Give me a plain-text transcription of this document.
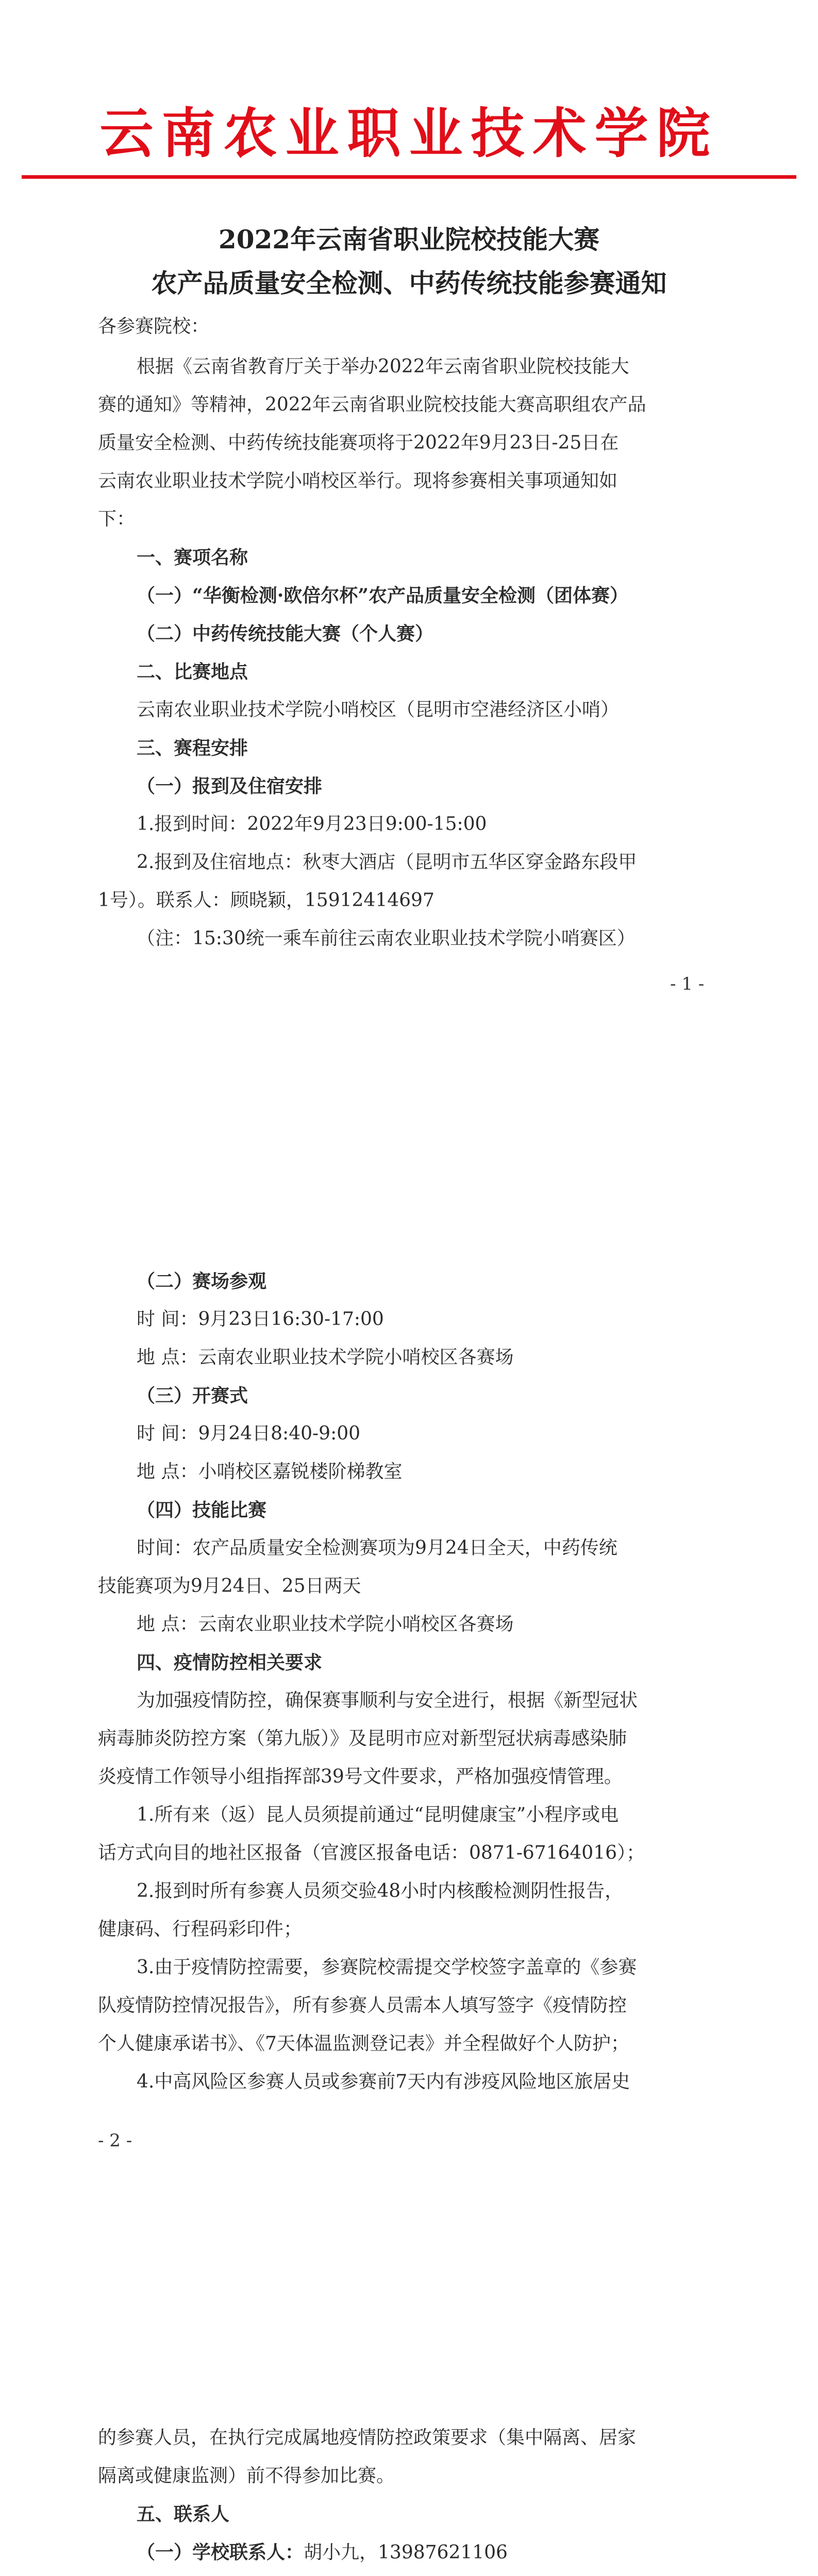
云南农业职业技术学院
2022年云南省职业院校技能大赛
农产品质量安全检测、中药传统技能参赛通知
各参赛院校：
根据《云南省教育厅关于举办2022年云南省职业院校技能大
赛的通知》等精神，2022年云南省职业院校技能大赛高职组农产品
质量安全检测、中药传统技能赛项将于2022年9月23日-25日在
云南农业职业技术学院小哨校区举行。现将参赛相关事项通知如
下：
一、赛项名称
（一）“华衡检测·欧倍尔杯”农产品质量安全检测（团体赛）
（二）中药传统技能大赛（个人赛）
二、比赛地点
云南农业职业技术学院小哨校区（昆明市空港经济区小哨）
三、赛程安排
（一）报到及住宿安排
1.报到时间：2022年9月23日9:00-15:00
2.报到及住宿地点：秋枣大酒店（昆明市五华区穿金路东段甲
1号）。联系人：顾晓颖，15912414697
（注：15:30统一乘车前往云南农业职业技术学院小哨赛区）
- 1 -
（二）赛场参观
时 间：9月23日16:30-17:00
地 点：云南农业职业技术学院小哨校区各赛场
（三）开赛式
时 间：9月24日8:40-9:00
地 点：小哨校区嘉锐楼阶梯教室
（四）技能比赛
时间：农产品质量安全检测赛项为9月24日全天，中药传统
技能赛项为9月24日、25日两天
地 点：云南农业职业技术学院小哨校区各赛场
四、疫情防控相关要求
为加强疫情防控，确保赛事顺利与安全进行，根据《新型冠状
病毒肺炎防控方案（第九版）》及昆明市应对新型冠状病毒感染肺
炎疫情工作领导小组指挥部39号文件要求，严格加强疫情管理。
1.所有来（返）昆人员须提前通过“昆明健康宝”小程序或电
话方式向目的地社区报备（官渡区报备电话：0871-67164016）；
2.报到时所有参赛人员须交验48小时内核酸检测阴性报告，
健康码、行程码彩印件；
3.由于疫情防控需要，参赛院校需提交学校签字盖章的《参赛
队疫情防控情况报告》，所有参赛人员需本人填写签字《疫情防控
个人健康承诺书》、《7天体温监测登记表》并全程做好个人防护；
4.中高风险区参赛人员或参赛前7天内有涉疫风险地区旅居史
- 2 -
的参赛人员，在执行完成属地疫情防控政策要求（集中隔离、居家
隔离或健康监测）前不得参加比赛。
五、联系人
（一）学校联系人：胡小九，13987621106
